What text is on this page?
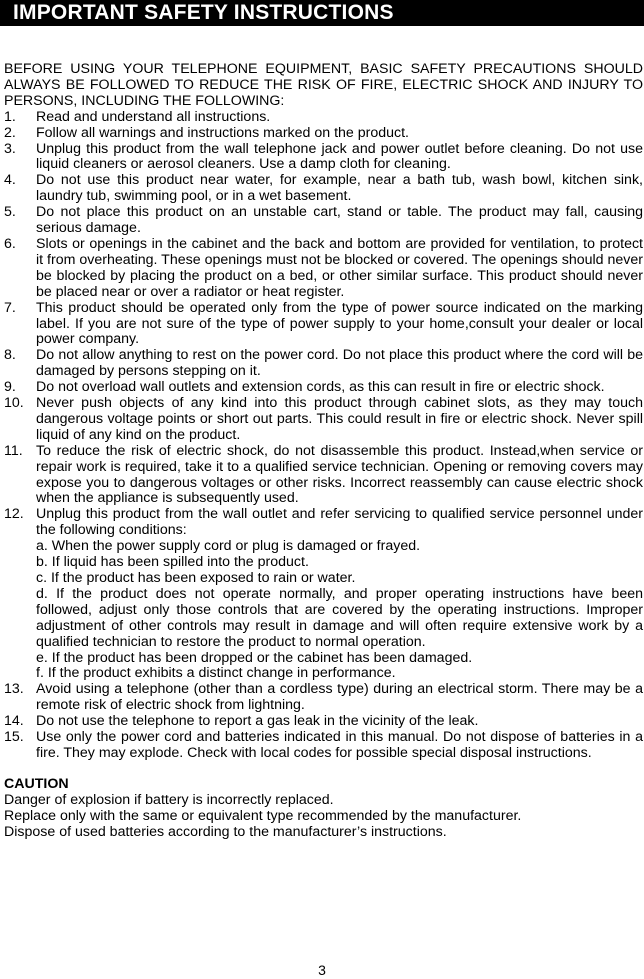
IMPORTANT SAFETY INSTRUCTIONS
BEFORE USING YOUR TELEPHONE EQUIPMENT, BASIC SAFETY PRECAUTIONS SHOULD ALWAYS BE FOLLOWED TO REDUCE THE RISK OF FIRE, ELECTRIC SHOCK AND INJURY TO PERSONS, INCLUDING THE FOLLOWING:
1. Read and understand all instructions.
2. Follow all warnings and instructions marked on the product.
3. Unplug this product from the wall telephone jack and power outlet before cleaning. Do not use liquid cleaners or aerosol cleaners. Use a damp cloth for cleaning.
4. Do not use this product near water, for example, near a bath tub, wash bowl, kitchen sink, laundry tub, swimming pool, or in a wet basement.
5. Do not place this product on an unstable cart, stand or table. The product may fall, causing serious damage.
6. Slots or openings in the cabinet and the back and bottom are provided for ventilation, to protect it from overheating. These openings must not be blocked or covered. The openings should never be blocked by placing the product on a bed, or other similar surface. This product should never be placed near or over a radiator or heat register.
7. This product should be operated only from the type of power source indicated on the marking label. If you are not sure of the type of power supply to your home,consult your dealer or local power company.
8. Do not allow anything to rest on the power cord. Do not place this product where the cord will be damaged by persons stepping on it.
9. Do not overload wall outlets and extension cords, as this can result in fire or electric shock.
10. Never push objects of any kind into this product through cabinet slots, as they may touch dangerous voltage points or short out parts. This could result in fire or electric shock. Never spill liquid of any kind on the product.
11. To reduce the risk of electric shock, do not disassemble this product. Instead,when service or repair work is required, take it to a qualified service technician. Opening or removing covers may expose you to dangerous voltages or other risks. Incorrect reassembly can cause electric shock when the appliance is subsequently used.
12. Unplug this product from the wall outlet and refer servicing to qualified service personnel under the following conditions:
a. When the power supply cord or plug is damaged or frayed.
b. If liquid has been spilled into the product.
c. If the product has been exposed to rain or water.
d. If the product does not operate normally, and proper operating instructions have been followed, adjust only those controls that are covered by the operating instructions. Improper adjustment of other controls may result in damage and will often require extensive work by a qualified technician to restore the product to normal operation.
e. If the product has been dropped or the cabinet has been damaged.
f. If the product exhibits a distinct change in performance.
13. Avoid using a telephone (other than a cordless type) during an electrical storm. There may be a remote risk of electric shock from lightning.
14. Do not use the telephone to report a gas leak in the vicinity of the leak.
15. Use only the power cord and batteries indicated in this manual. Do not dispose of batteries in a fire. They may explode. Check with local codes for possible special disposal instructions.
CAUTION
Danger of explosion if battery is incorrectly replaced.
Replace only with the same or equivalent type recommended by the manufacturer.
Dispose of used batteries according to the manufacturer’s instructions.
3
